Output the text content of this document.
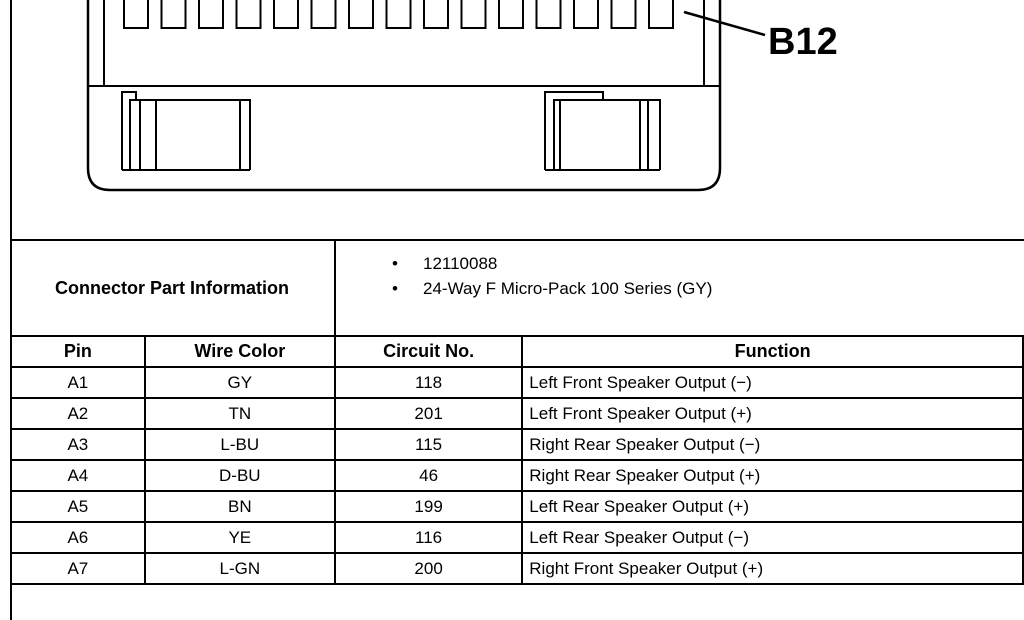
B12
Connector Part Information
• 12110088
• 24-Way F Micro-Pack 100 Series (GY)
Pin	Wire Color	Circuit No.	Function
A1	GY	118	Left Front Speaker Output (−)
A2	TN	201	Left Front Speaker Output (+)
A3	L-BU	115	Right Rear Speaker Output (−)
A4	D-BU	46	Right Rear Speaker Output (+)
A5	BN	199	Left Rear Speaker Output (+)
A6	YE	116	Left Rear Speaker Output (−)
A7	L-GN	200	Right Front Speaker Output (+)
